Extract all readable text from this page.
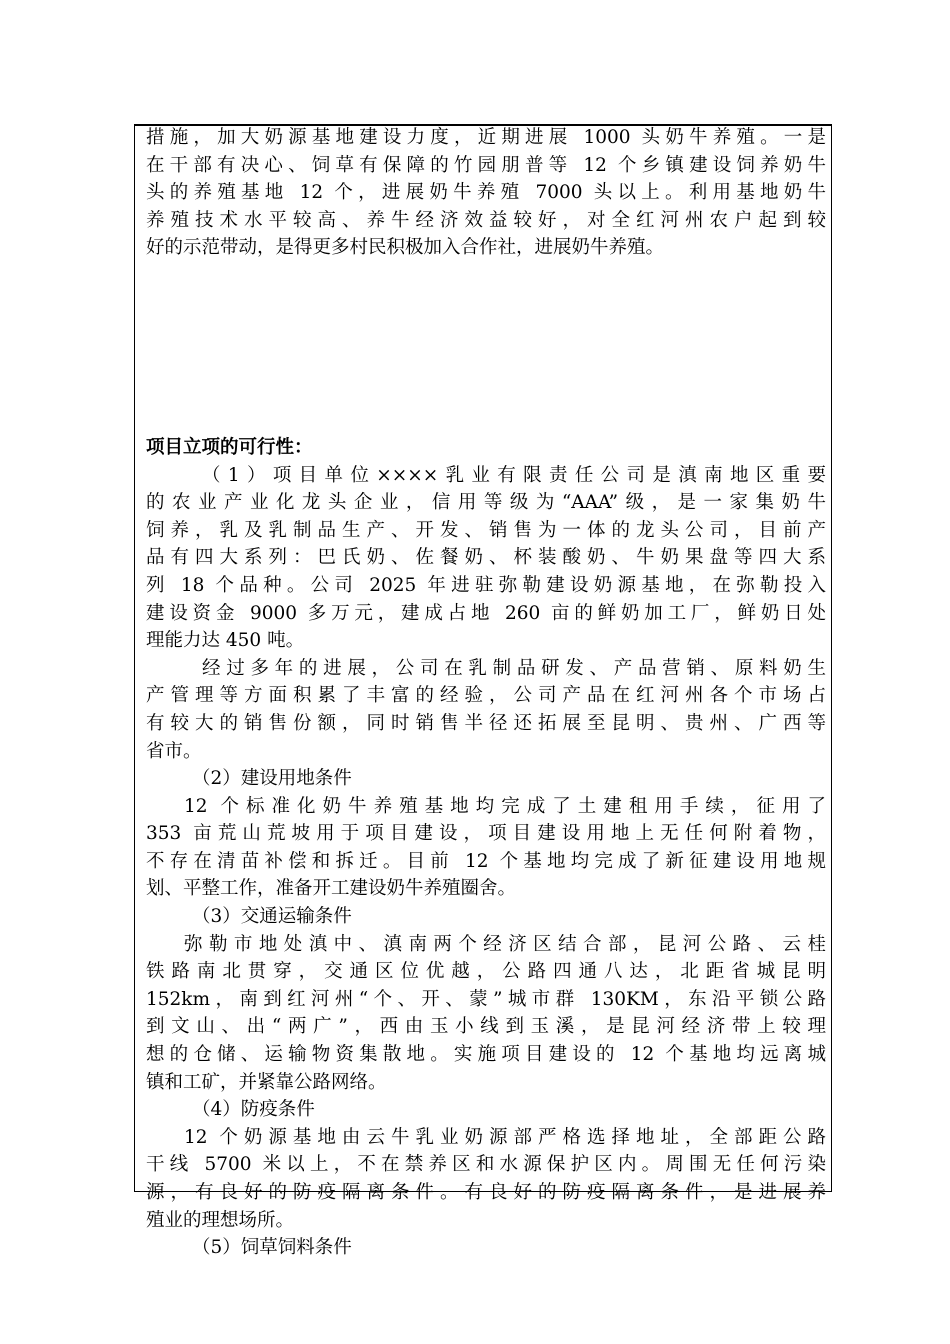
措施，加大奶源基地建设力度，近期进展 1000 头奶牛养殖。一是
在干部有决心、饲草有保障的竹园朋普等 12 个乡镇建设饲养奶牛
头的养殖基地 12 个，进展奶牛养殖 7000 头以上。利用基地奶牛
养殖技术水平较高、养牛经济效益较好，对全红河州农户起到较
好的示范带动，是得更多村民积极加入合作社，进展奶牛养殖。
项目立项的可行性：
（1）项目单位××××乳业有限责任公司是滇南地区重要
的农业产业化龙头企业，信用等级为“AAA”级，是一家集奶牛
饲养，乳及乳制品生产、开发、销售为一体的龙头公司，目前产
品有四大系列：巴氏奶、佐餐奶、杯装酸奶、牛奶果盘等四大系
列 18 个品种。公司 2025 年进驻弥勒建设奶源基地，在弥勒投入
建设资金 9000 多万元，建成占地 260 亩的鲜奶加工厂，鲜奶日处
理能力达 450 吨。
经过多年的进展，公司在乳制品研发、产品营销、原料奶生
产管理等方面积累了丰富的经验，公司产品在红河州各个市场占
有较大的销售份额，同时销售半径还拓展至昆明、贵州、广西等
省市。
（2）建设用地条件
12 个标准化奶牛养殖基地均完成了土建租用手续，征用了
353 亩荒山荒坡用于项目建设，项目建设用地上无任何附着物，
不存在清苗补偿和拆迁。目前 12 个基地均完成了新征建设用地规
划、平整工作，准备开工建设奶牛养殖圈舍。
（3）交通运输条件
弥勒市地处滇中、滇南两个经济区结合部，昆河公路、云桂
铁路南北贯穿，交通区位优越，公路四通八达，北距省城昆明
152km，南到红河州“个、开、蒙”城市群 130KM，东沿平锁公路
到文山、出“两广”，西由玉小线到玉溪，是昆河经济带上较理
想的仓储、运输物资集散地。实施项目建设的 12 个基地均远离城
镇和工矿，并紧靠公路网络。
（4）防疫条件
12 个奶源基地由云牛乳业奶源部严格选择地址，全部距公路
干线 5700 米以上，不在禁养区和水源保护区内。周围无任何污染
源，有良好的防疫隔离条件。有良好的防疫隔离条件，是进展养
殖业的理想场所。
（5）饲草饲料条件
